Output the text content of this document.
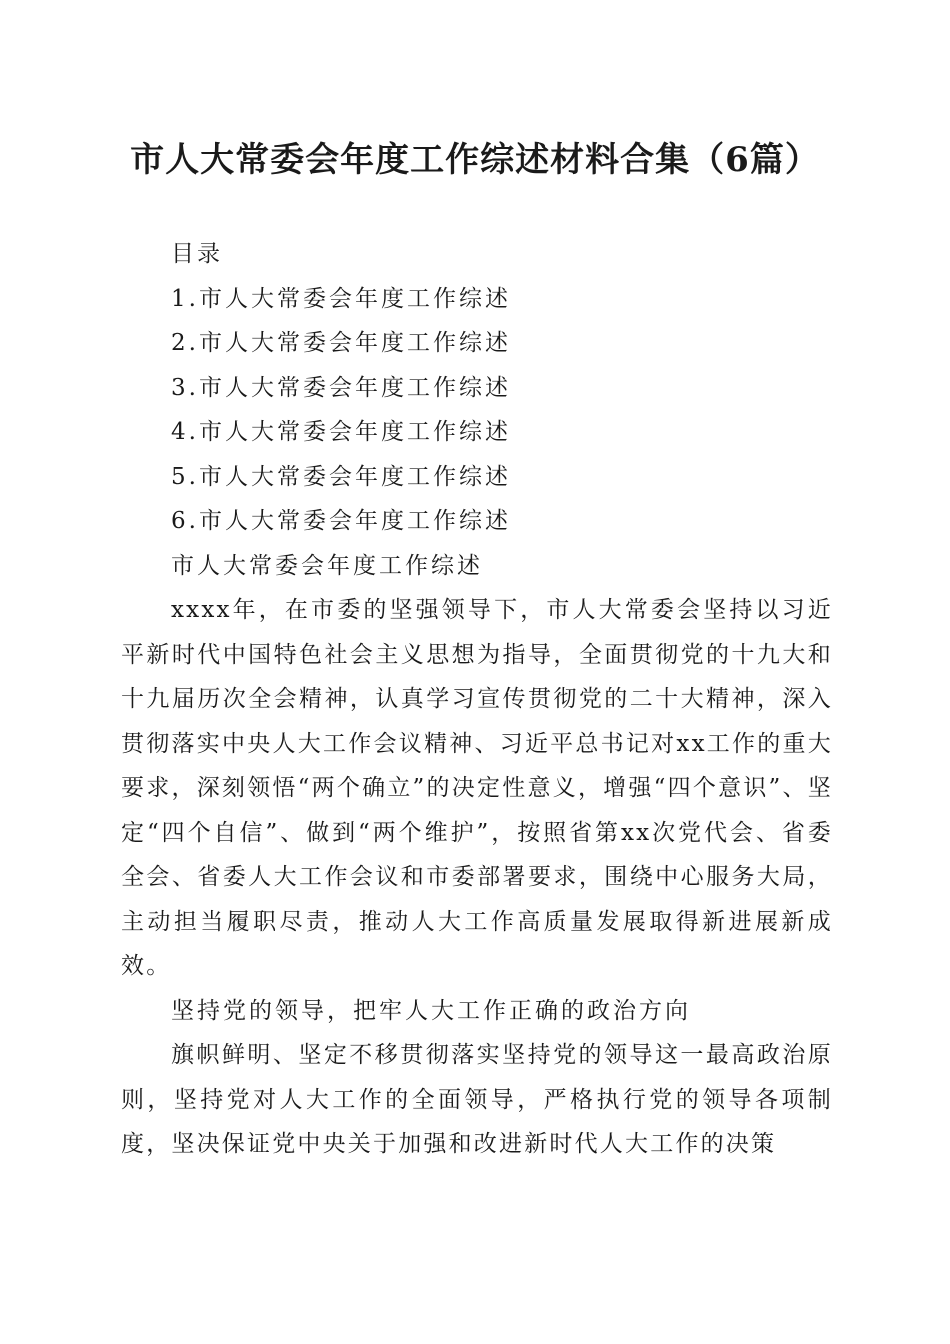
市人大常委会年度工作综述材料合集（6篇）
目录
1.市人大常委会年度工作综述
2.市人大常委会年度工作综述
3.市人大常委会年度工作综述
4.市人大常委会年度工作综述
5.市人大常委会年度工作综述
6.市人大常委会年度工作综述
市人大常委会年度工作综述

xxxx年，在市委的坚强领导下，市人大常委会坚持以习近平新时代中国特色社会主义思想为指导，全面贯彻党的十九大和十九届历次全会精神，认真学习宣传贯彻党的二十大精神，深入贯彻落实中央人大工作会议精神、习近平总书记对xx工作的重大要求，深刻领悟“两个确立”的决定性意义，增强“四个意识”、坚定“四个自信”、做到“两个维护”，按照省第xx次党代会、省委全会、省委人大工作会议和市委部署要求，围绕中心服务大局，主动担当履职尽责，推动人大工作高质量发展取得新进展新成效。

坚持党的领导，把牢人大工作正确的政治方向

旗帜鲜明、坚定不移贯彻落实坚持党的领导这一最高政治原则，坚持党对人大工作的全面领导，严格执行党的领导各项制度，坚决保证党中央关于加强和改进新时代人大工作的决策
